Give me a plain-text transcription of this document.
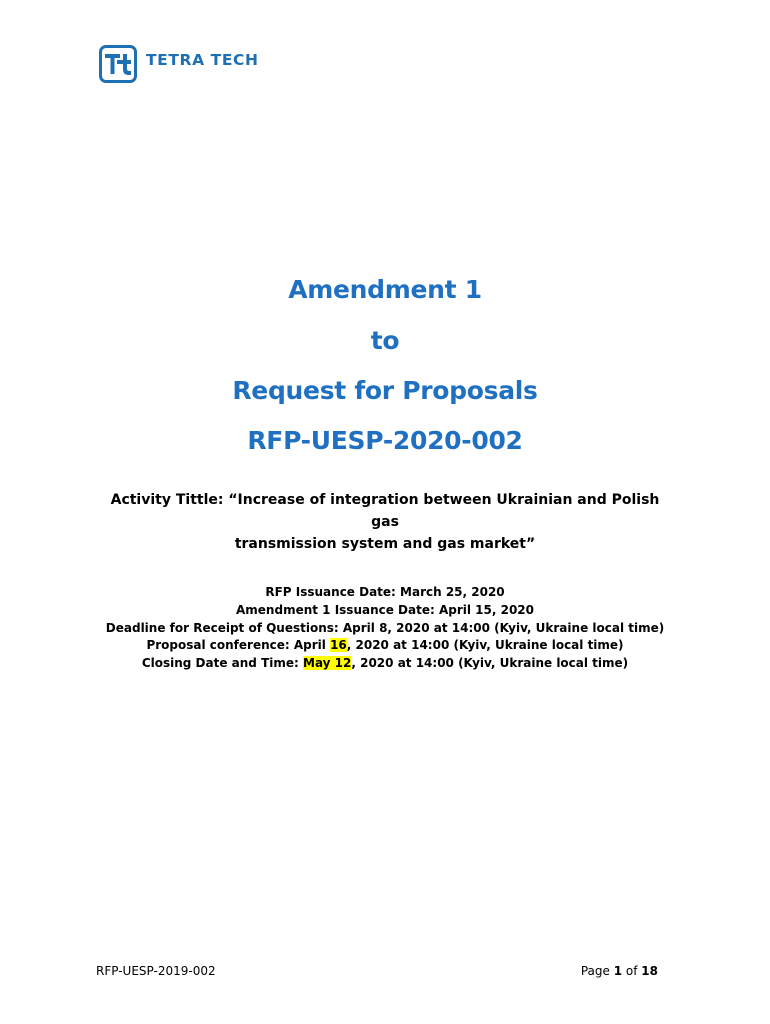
TETRA TECH
Amendment 1
to
Request for Proposals
RFP-UESP-2020-002
Activity Tittle: “Increase of integration between Ukrainian and Polish gas
transmission system and gas market”
RFP Issuance Date: March 25, 2020
Amendment 1 Issuance Date: April 15, 2020
Deadline for Receipt of Questions: April 8, 2020 at 14:00 (Kyiv, Ukraine local time)
Proposal conference: April 16, 2020 at 14:00 (Kyiv, Ukraine local time)
Closing Date and Time: May 12, 2020 at 14:00 (Kyiv, Ukraine local time)
RFP-UESP-2019-002	Page 1 of 18
